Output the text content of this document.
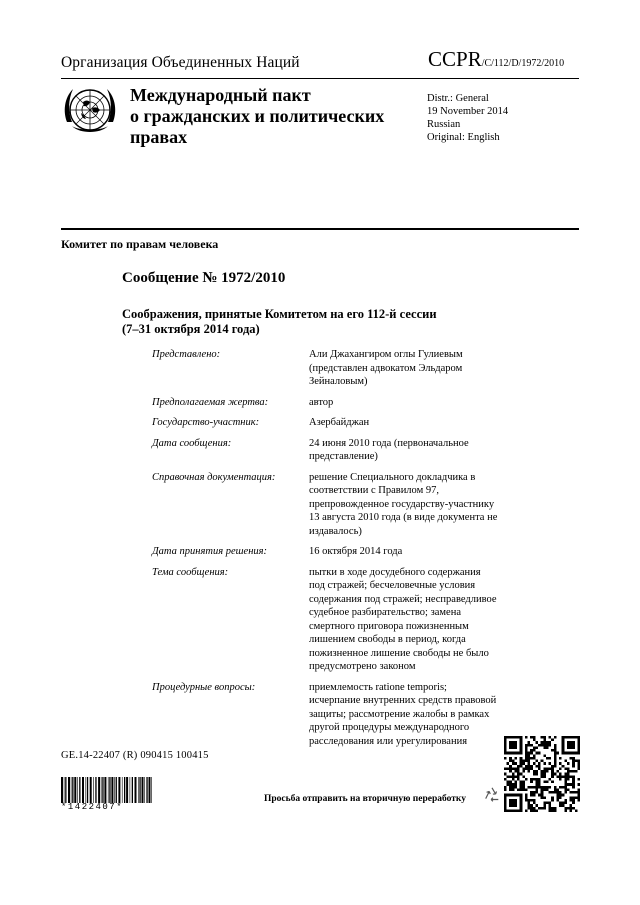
Организация Объединенных Наций	CCPR/C/112/D/1972/2010
Международный пакт
о гражданских и политических
правах
Distr.: General
19 November 2014
Russian
Original: English
Комитет по правам человека
Сообщение № 1972/2010
Соображения, принятые Комитетом на его 112-й сессии
(7–31 октября 2014 года)
Представлено:	Али Джахангиром оглы Гулиевым
(представлен адвокатом Эльдаром
Зейналовым)
Предполагаемая жертва:	автор
Государство-участник:	Азербайджан
Дата сообщения:	24 июня 2010 года (первоначальное
представление)
Справочная документация:	решение Специального докладчика в
соответствии с Правилом 97,
препровожденное государству-участнику
13 августа 2010 года (в виде документа не
издавалось)
Дата принятия решения:	16 октября 2014 года
Тема сообщения:	пытки в ходе досудебного содержания
под стражей; бесчеловечные условия
содержания под стражей; несправедливое
судебное разбирательство; замена
смертного приговора пожизненным
лишением свободы в период, когда
пожизненное лишение свободы не было
предусмотрено законом
Процедурные вопросы:	приемлемость ratione temporis;
исчерпание внутренних средств правовой
защиты; рассмотрение жалобы в рамках
другой процедуры международного
расследования или урегулирования
GE.14-22407 (R) 090415 100415
*1422407*
Просьба отправить на вторичную переработку
